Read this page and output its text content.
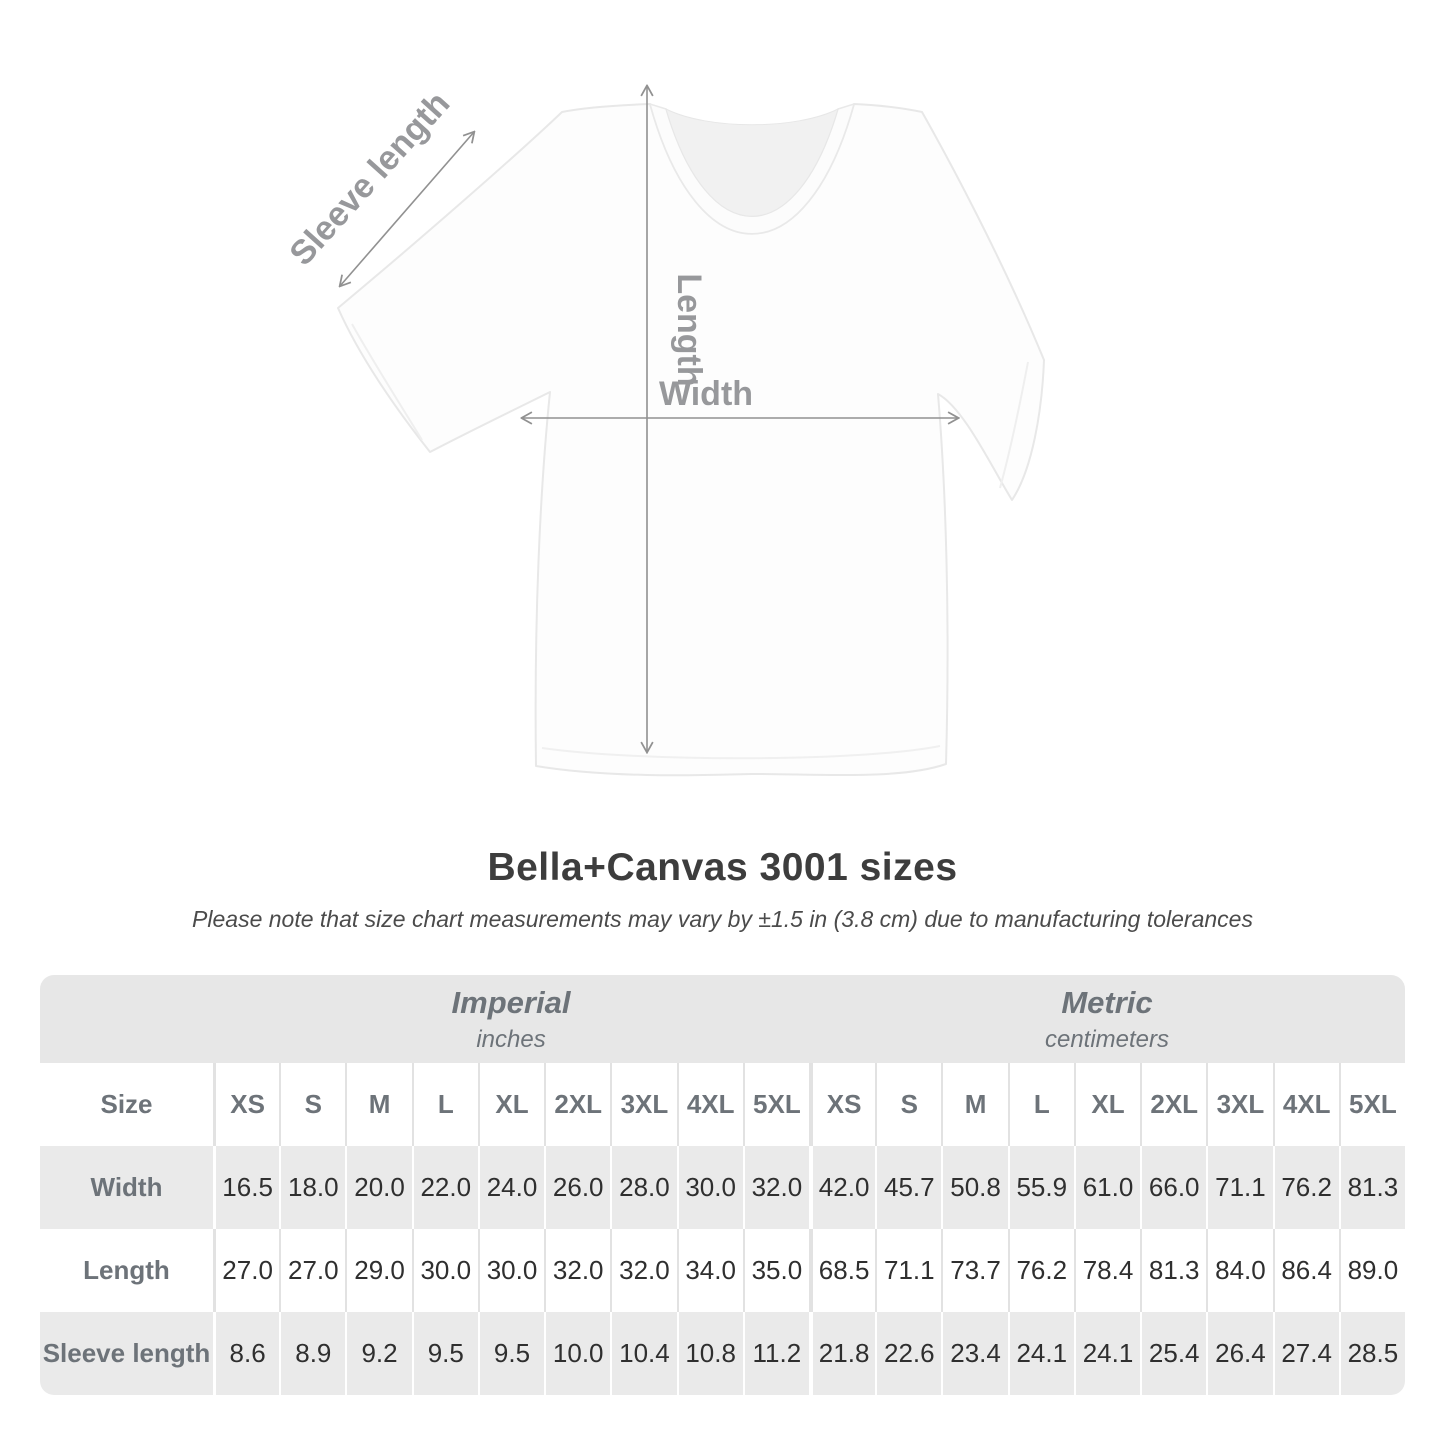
Sleeve length
Length
Width
Bella+Canvas 3001 sizes
Please note that size chart measurements may vary by ±1.5 in (3.8 cm) due to manufacturing tolerances
Imperial
inches
Metric
centimeters
Size	XS	S	M	L	XL 2XL 3XL 4XL 5XL	XS	S	M	L	XL 2XL 3XL 4XL 5XL
Width	16.5 18.0 20.0 22.0 24.0 26.0 28.0 30.0 32.0 42.0 45.7 50.8 55.9 61.0 66.0 71.1 76.2 81.3
Length	27.0 27.0 29.0 30.0 30.0 32.0 32.0 34.0 35.0 68.5 71.1 73.7 76.2 78.4 81.3 84.0 86.4 89.0
Sleeve length 8.6	8.9	9.2	9.5	9.5 10.0 10.4 10.8 11.2 21.8 22.6 23.4 24.1 24.1 25.4 26.4 27.4 28.5
